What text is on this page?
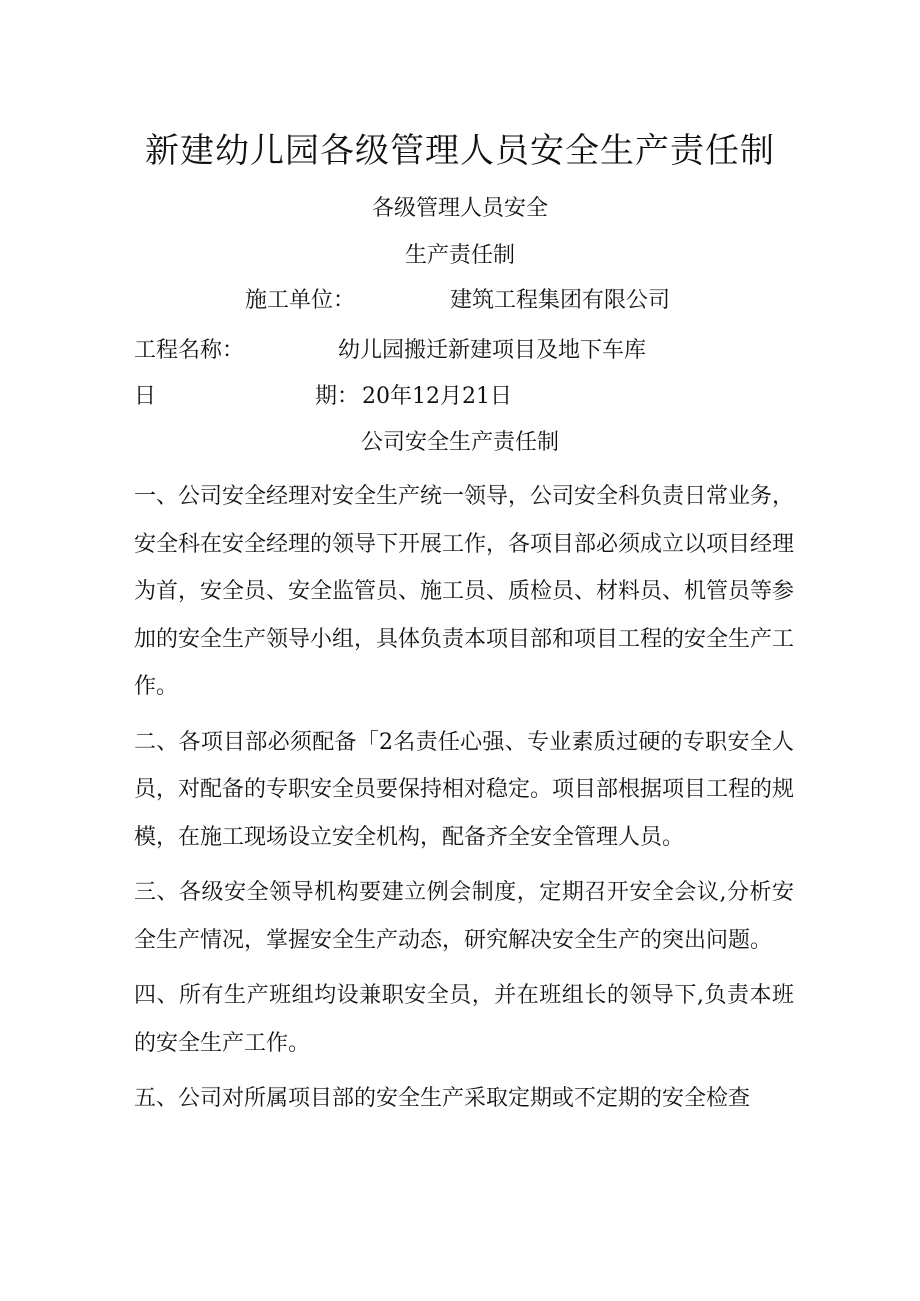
新建幼儿园各级管理人员安全生产责任制
各级管理人员安全
生产责任制
施工单位：	建筑工程集团有限公司
工程名称：	幼儿园搬迁新建项目及地下车库
日	期： 20年12月21日
公司安全生产责任制

一、公司安全经理对安全生产统一领导，公司安全科负责日常业务，安全科在安全经理的领导下开展工作，各项目部必须成立以项目经理为首，安全员、安全监管员、施工员、质检员、材料员、机管员等参加的安全生产领导小组，具体负责本项目部和项目工程的安全生产工作。

二、各项目部必须配备「2名责任心强、专业素质过硬的专职安全人员，对配备的专职安全员要保持相对稳定。项目部根据项目工程的规模，在施工现场设立安全机构，配备齐全安全管理人员。

三、各级安全领导机构要建立例会制度，定期召开安全会议,分析安全生产情况，掌握安全生产动态，研究解决安全生产的突出问题。

四、所有生产班组均设兼职安全员，并在班组长的领导下,负责本班的安全生产工作。

五、公司对所属项目部的安全生产采取定期或不定期的安全检查
